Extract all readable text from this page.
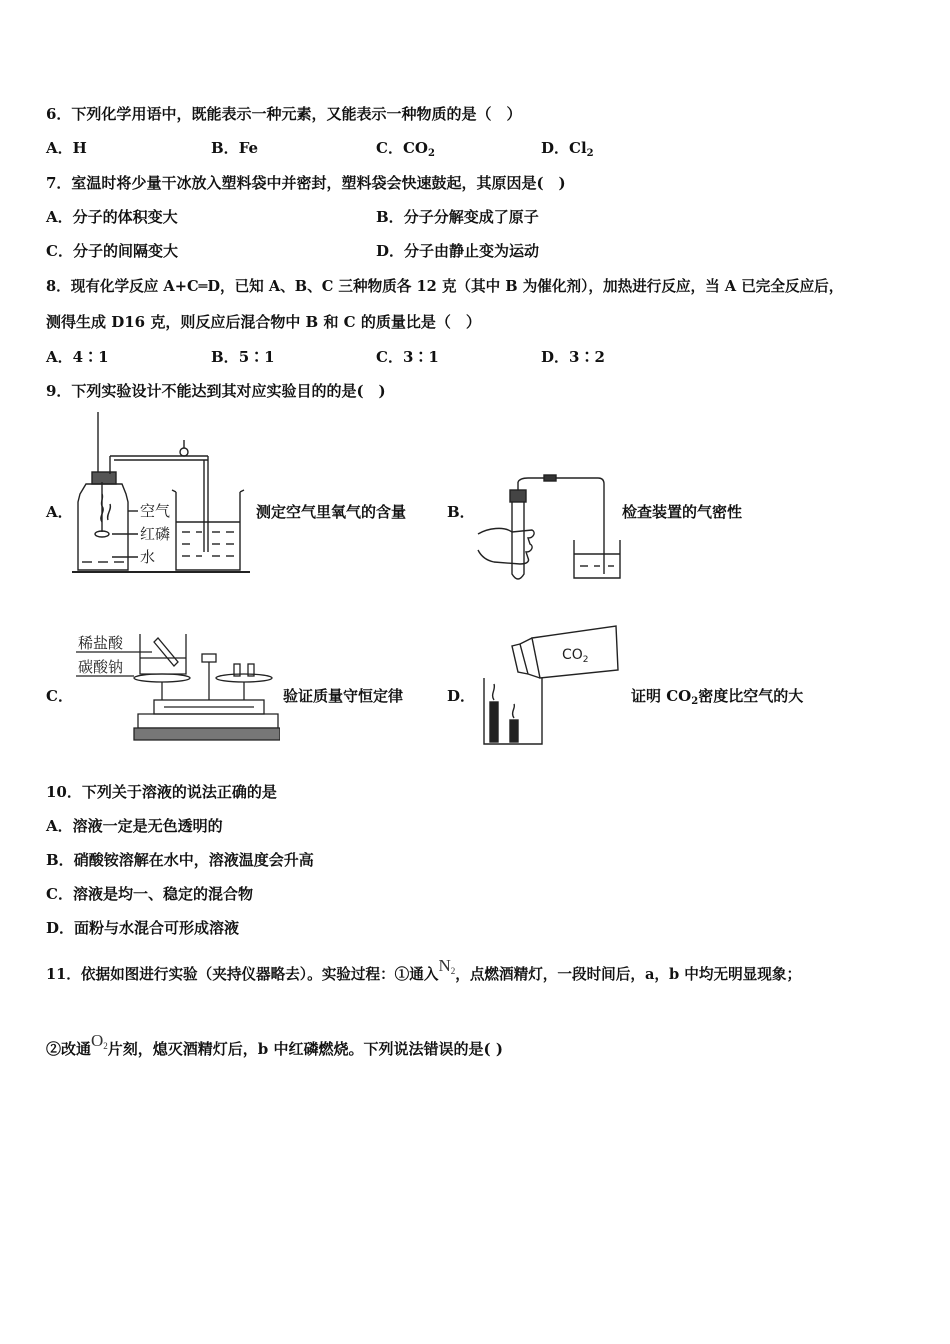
6．下列化学用语中，既能表示一种元素，又能表示一种物质的是（　）
A．H	B．Fe	C．$CO_2$	D．$Cl_2$
7．室温时将少量干冰放入塑料袋中并密封，塑料袋会快速鼓起，其原因是(　)
A．分子的体积变大	B．分子分解变成了原子
C．分子的间隔变大	D．分子由静止变为运动
8．现有化学反应 A+C═D，已知 A、B、C 三种物质各 12 克（其中 B 为催化剂），加热进行反应，当 A 已完全反应后，
测得生成 D16 克，则反应后混合物中 B 和 C 的质量比是（　）
A．4∶1	B．5∶1	C．3∶1	D．3∶2
9．下列实验设计不能达到其对应实验目的的是(　)
A．	空气
红磷
水
测定空气里氧气的含量	B．	检查装置的气密性
C．
稀盐酸
碳酸钠
验证质量守恒定律	D．
$CO_2$
证明 $CO_2$密度比空气的大
10．下列关于溶液的说法正确的是
A．溶液一定是无色透明的
B．硝酸铵溶解在水中，溶液温度会升高
C．溶液是均一、稳定的混合物
D．面粉与水混合可形成溶液
11．依据如图进行实验（夹持仪器略去）。实验过程：①通入$N_2$，点燃酒精灯，一段时间后，a，b 中均无明显现象；
②改通$O_2$片刻，熄灭酒精灯后，b 中红磷燃烧。下列说法错误的是( )
